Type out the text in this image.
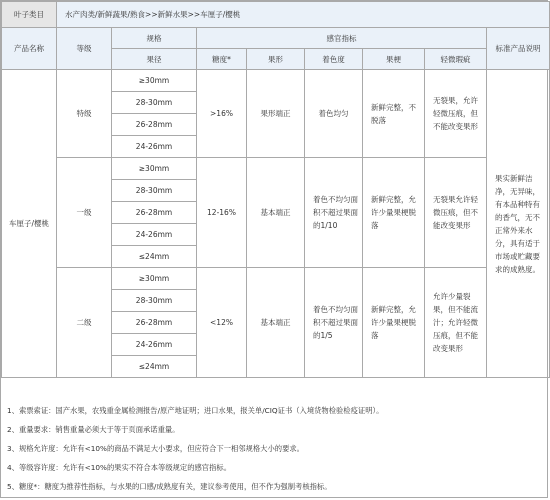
叶子类目	水产肉类/新鲜蔬果/熟食>>新鲜水果>>车厘子/樱桃							
产品名称	等级	规格	感官指标					标准产品说明
		果径	糖度*	果形	着色度	果梗	轻微瑕疵	
车厘子/樱桃	特级	≥30mm	>16%	果形端正	着色均匀	新鲜完整，不脱落	无裂果，允许轻微压痕，但不能改变果形	果实新鲜洁净，无异味，有本品种特有的香气，无不正常外来水分，具有适于市场或贮藏要求的成熟度。
		28-30mm						
		26-28mm						
		24-26mm						
	一级	≥30mm	12-16%	基本端正	着色不均匀面积不超过果面的1/10	新鲜完整，允许少量果梗脱落	无裂果允许轻微压痕，但不能改变果形	
		28-30mm						
		26-28mm						
		24-26mm						
		≤24mm						
	二级	≥30mm	<12%	基本端正	着色不均匀面积不超过果面的1/5	新鲜完整，允许少量果梗脱落	允许少量裂果，但不能流汁；允许轻微压痕，但不能改变果形	
		28-30mm						
		26-28mm						
		24-26mm						
		≤24mm						
1、索票索证：国产水果，农残重金属检测报告/原产地证明；进口水果，报关单/CIQ证书（入境货物检验检疫证明）。
2、重量要求：销售重量必须大于等于页面承诺重量。
3、规格允许度：允许有<10%的商品不满足大小要求，但应符合下一相邻规格大小的要求。
4、等级容许度：允许有<10%的果实不符合本等级规定的感官指标。
5、糖度*：糖度为推荐性指标，与水果的口感/成熟度有关，建议参考使用，但不作为强制考核指标。
